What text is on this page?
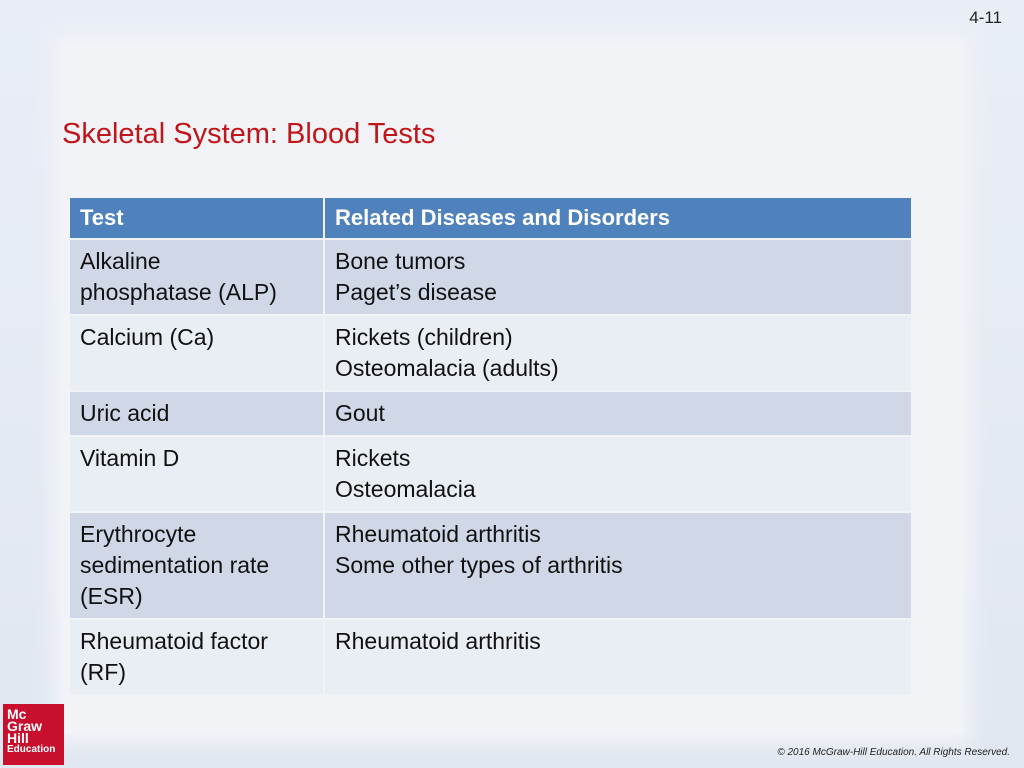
4-11
Skeletal System: Blood Tests
Test	Related Diseases and Disorders

Alkaline
phosphatase (ALP)	Bone tumors
Paget’s disease

Calcium (Ca)	Rickets (children)
Osteomalacia (adults)

Uric acid	Gout

Vitamin D	Rickets
Osteomalacia

Erythrocyte
sedimentation rate
(ESR)	Rheumatoid arthritis
Some other types of arthritis

Rheumatoid factor
(RF)	Rheumatoid arthritis
Mc
Graw
Hill
Education	© 2016 McGraw-Hill Education. All Rights Reserved.
